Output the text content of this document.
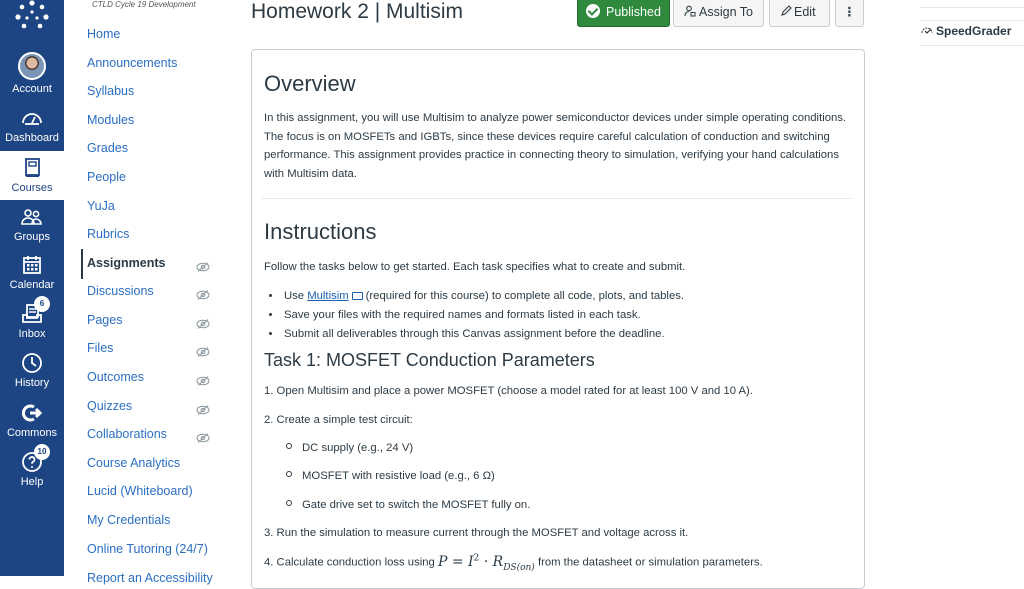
Account
Dashboard
Courses
Groups
Calendar
6
Inbox
History
Commons
10
Help
CTLD Cycle 19 Development
Home
Announcements
Syllabus
Modules
Grades
People
YuJa
Rubrics
Assignments
Discussions
Pages
Files
Outcomes
Quizzes
Collaborations
Course Analytics
Lucid (Whiteboard)
My Credentials
Online Tutoring (24/7)
Report an Accessibility
Homework 2 | Multisim	Published	Assign To	Edit	⋮
SpeedGrader
Overview

In this assignment, you will use Multisim to analyze power semiconductor devices under simple operating conditions. The focus is on MOSFETs and IGBTs, since these devices require careful calculation of conduction and switching performance. This assignment provides practice in connecting theory to simulation, verifying your hand calculations with Multisim data.

Instructions

Follow the tasks below to get started. Each task specifies what to create and submit.

• Use Multisim (required for this course) to complete all code, plots, and tables.
• Save your files with the required names and formats listed in each task.
• Submit all deliverables through this Canvas assignment before the deadline.
Task 1: MOSFET Conduction Parameters
1. Open Multisim and place a power MOSFET (choose a model rated for at least 100 V and 10 A).
2. Create a simple test circuit:
DC supply (e.g., 24 V)
MOSFET with resistive load (e.g., 6 Ω)
Gate drive set to switch the MOSFET fully on.
3. Run the simulation to measure current through the MOSFET and voltage across it.
4. Calculate conduction loss using $P = I^2 \cdot R_{DS(on)}$ from the datasheet or simulation parameters.
